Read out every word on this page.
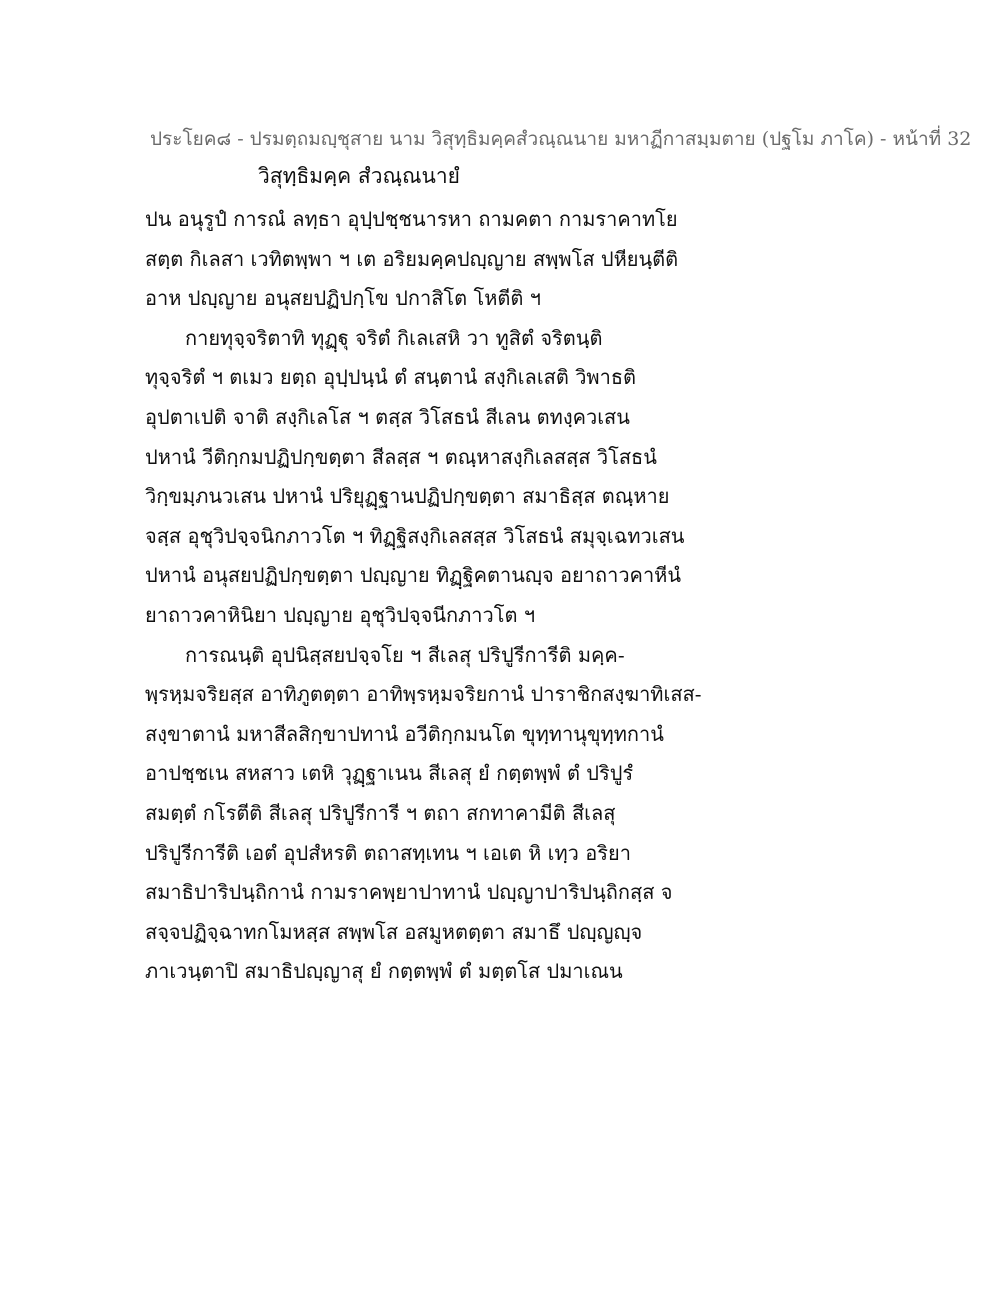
ประโยค๘ - ปรมตฺถมญฺชุสาย นาม วิสุทฺธิมคฺคสํวณฺณนาย มหาฏีกาสมฺมตาย (ปฐโม ภาโค) - หน้าที่ 32
วิสุทฺธิมคฺค สํวณฺณนายํ
ปน อนุรูปํ การณํ ลทฺธา อุปฺปชฺชนารหา ถามคตา กามราคาทโย
สตฺต กิเลสา เวทิตพฺพา ฯ เต อริยมคฺคปญฺญาย สพฺพโส ปหียนฺตีติ
อาห ปญฺญาย อนุสยปฏิปกฺโข ปกาสิโต โหตีติ ฯ
กายทุจฺจริตาทิ ทุฏฺฐุ จริตํ กิเลเสหิ วา ทูสิตํ จริตนฺติ
ทุจฺจริตํ ฯ ตเมว ยตฺถ อุปฺปนฺนํ ตํ สนฺตานํ สงฺกิเลเสติ วิพาธติ
อุปตาเปติ จาติ สงฺกิเลโส ฯ ตสฺส วิโสธนํ สีเลน ตทงฺควเสน
ปหานํ วีติกฺกมปฏิปกฺขตฺตา สีลสฺส ฯ ตณฺหาสงฺกิเลสสฺส วิโสธนํ
วิกฺขมฺภนวเสน ปหานํ ปริยุฏฺฐานปฏิปกฺขตฺตา สมาธิสฺส ตณฺหาย
จสฺส อุชุวิปจฺจนิกภาวโต ฯ ทิฏฺฐิสงฺกิเลสสฺส วิโสธนํ สมุจฺเฉทวเสน
ปหานํ อนุสยปฏิปกฺขตฺตา ปญฺญาย ทิฏฺฐิคตานญฺจ อยาถาวคาหีนํ
ยาถาวคาหินิยา ปญฺญาย อุชุวิปจฺจนีกภาวโต ฯ
การณนฺติ อุปนิสฺสยปจฺจโย ฯ สีเลสุ ปริปูรีการีติ มคฺค-
พฺรหฺมจริยสฺส อาทิภูตตฺตา อาทิพฺรหฺมจริยกานํ ปาราชิกสงฺฆาทิเสส-
สงฺขาตานํ มหาสีลสิกฺขาปทานํ อวีติกฺกมนโต ขุทฺทานุขุทฺทกานํ
อาปชฺชเน สหสาว เตหิ วุฏฺฐาเนน สีเลสุ ยํ กตฺตพฺพํ ตํ ปริปูรํ
สมตฺตํ กโรตีติ สีเลสุ ปริปูรีการี ฯ ตถา สกทาคามีติ สีเลสุ
ปริปูรีการีติ เอตํ อุปสํหรติ ตถาสทฺเทน ฯ เอเต หิ เทฺว อริยา
สมาธิปาริปนฺถิกานํ กามราคพฺยาปาทานํ ปญฺญาปาริปนฺถิกสฺส จ
สจฺจปฏิจฺฉาทกโมหสฺส สพฺพโส อสมูหตตฺตา สมาธึ ปญฺญญฺจ
ภาเวนฺตาปิ สมาธิปญฺญาสุ ยํ กตฺตพฺพํ ตํ มตฺตโส ปมาเณน
